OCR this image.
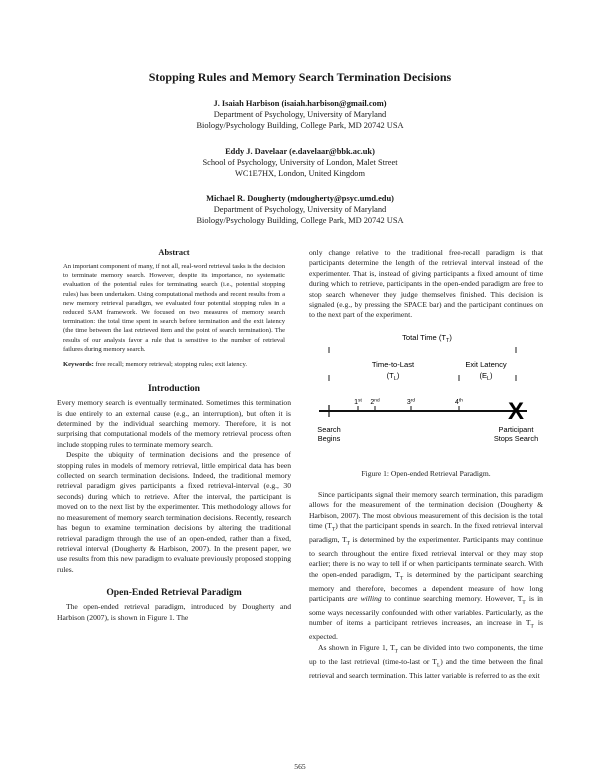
Stopping Rules and Memory Search Termination Decisions
J. Isaiah Harbison (isaiah.harbison@gmail.com)
Department of Psychology, University of Maryland
Biology/Psychology Building, College Park, MD 20742 USA
Eddy J. Davelaar (e.davelaar@bbk.ac.uk)
School of Psychology, University of London, Malet Street
WC1E7HX, London, United Kingdom
Michael R. Dougherty (mdougherty@psyc.umd.edu)
Department of Psychology, University of Maryland
Biology/Psychology Building, College Park, MD 20742 USA
Abstract
An important component of many, if not all, real-word retrieval tasks is the decision to terminate memory search. However, despite its importance, no systematic evaluation of the potential rules for terminating search (i.e., potential stopping rules) has been undertaken. Using computational methods and recent results from a new memory retrieval paradigm, we evaluated four potential stopping rules in a reduced SAM framework. We focused on two measures of memory search termination: the total time spent in search before termination and the exit latency (the time between the last retrieved item and the point of search termination). The results of our analysis favor a rule that is sensitive to the number of retrieval failures during memory search.
Keywords: free recall; memory retrieval; stopping rules; exit latency.
Introduction

Every memory search is eventually terminated. Sometimes this termination is due entirely to an external cause (e.g., an interruption), but often it is determined by the individual searching memory. Therefore, it is not surprising that computational models of the memory retrieval process often include stopping rules to terminate memory search.

Despite the ubiquity of termination decisions and the presence of stopping rules in models of memory retrieval, little empirical data has been collected on search termination decisions. Indeed, the traditional memory retrieval paradigm gives participants a fixed retrieval-interval (e.g., 30 seconds) during which to retrieve. After the interval, the participant is moved on to the next list by the experimenter. This methodology allows for no measurement of memory search termination decisions. Recently, research has begun to examine termination decisions by altering the traditional retrieval paradigm through the use of an open-ended, rather than a fixed, retrieval interval (Dougherty & Harbison, 2007). In the present paper, we use results from this new paradigm to evaluate previously proposed stopping rules.

Open-Ended Retrieval Paradigm

The open-ended retrieval paradigm, introduced by Dougherty and Harbison (2007), is shown in Figure 1. The

only change relative to the traditional free-recall paradigm is that participants determine the length of the retrieval interval instead of the experimenter. That is, instead of giving participants a fixed amount of time during which to retrieve, participants in the open-ended paradigm are free to stop search whenever they judge themselves finished. This decision is signaled (e.g., by pressing the SPACE bar) and the participant continues on to the next part of the experiment.

Total Time $(T_T)$
Time-to-Last
$(T_L)$
Exit Latency
$(E_L)$
1st 2nd	3rd	4th X
Search
Begins
Participant
Stops Search
Figure 1: Open-ended Retrieval Paradigm.

Since participants signal their memory search termination, this paradigm allows for the measurement of the termination decision (Dougherty & Harbison, 2007). The most obvious measurement of this decision is the total time $(T_T)$ that the participant spends in search. In the fixed retrieval interval paradigm, $T_T$ is determined by the experimenter. Participants may continue to search throughout the entire fixed retrieval interval or they may stop earlier; there is no way to tell if or when participants terminate search. With the open-ended paradigm, $T_T$ is determined by the participant searching memory and therefore, becomes a dependent measure of how long participants are willing to continue searching memory. However, $T_T$ is in some ways necessarily confounded with other variables. Particularly, as the number of items a participant retrieves increases, an increase in $T_T$ is expected.

As shown in Figure 1, $T_T$ can be divided into two components, the time up to the last retrieval (time-to-last or $T_L$) and the time between the final retrieval and search termination. This latter variable is referred to as the exit

565
